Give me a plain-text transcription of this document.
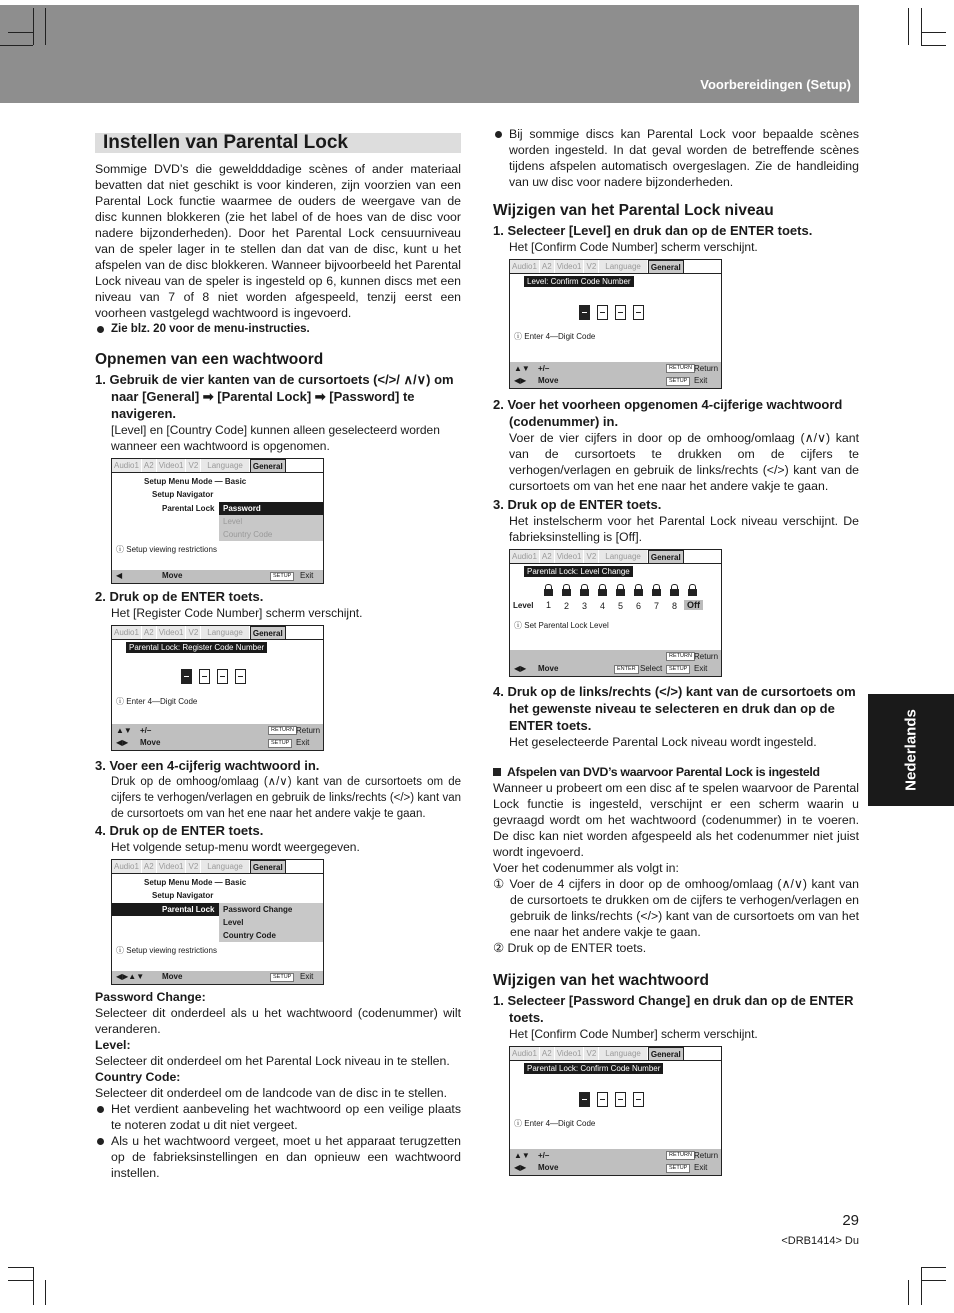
Voorbereidingen (Setup)
Nederlands
Instellen van Parental Lock

Sommige DVD’s die geweldddadige scènes of ander materiaal bevatten dat niet geschikt is voor kinderen, zijn voorzien van een Parental Lock functie waarmee de ouders de weergave van de disc kunnen blokkeren (zie het label of de hoes van de disc voor nadere bijzonderheden). Door het Parental Lock censuurniveau van de speler lager in te stellen dan dat van de disc, kunt u het afspelen van de disc blokkeren. Wanneer bijvoorbeeld het Parental Lock niveau van de speler is ingesteld op 6, kunnen discs met een niveau van 7 of 8 niet worden afgespeeld, tenzij eerst een voorheen vastgelegd wachtwoord is ingevoerd.

Zie blz. 20 voor de menu-instructies.

Opnemen van een wachtwoord

1. Gebruik de vier kanten van de cursortoets (</>/ ∧/∨) om naar [General] ➡ [Parental Lock] ➡ [Password] te navigeren.

[Level] en [Country Code] kunnen alleen geselecteerd worden wanneer een wachtwoord is opgenomen.

Audio1 A2 Video1 V2	Language	General
Setup Menu Mode — Basic
Setup Navigator
Parental Lock Password
Level
Country Code
ⓘ Setup viewing restrictions
◀	Move	SETUP	Exit

2. Druk op de ENTER toets.

Het [Register Code Number] scherm verschijnt.

Audio1 A2 Video1 V2	Language	General
Parental Lock: Register Code Number
ⓘ Enter 4—Digit Code
▲▼ +/–
◀▶ Move
RETURN Return
SETUP Exit

3. Voer een 4-cijferig wachtwoord in.

Druk op de omhoog/omlaag (∧/∨) kant van de cursortoets om de cijfers te verhogen/verlagen en gebruik de links/rechts (</>) kant van de cursortoets om van het ene naar het andere vakje te gaan.

4. Druk op de ENTER toets.

Het volgende setup-menu wordt weergegeven.

Audio1 A2 Video1 V2	Language	General
Setup Menu Mode — Basic
Setup Navigator
Parental Lock Password Change
Level
Country Code
ⓘ Setup viewing restrictions
◀▶▲▼ Move	SETUP	Exit

Password Change:

Selecteer dit onderdeel als u het wachtwoord (codenummer) wilt veranderen.

Level:

Selecteer dit onderdeel om het Parental Lock niveau in te stellen.

Country Code:

Selecteer dit onderdeel om de landcode van de disc in te stellen.

Het verdient aanbeveling het wachtwoord op een veilige plaats te noteren zodat u dit niet vergeet.

Als u het wachtwoord vergeet, moet u het apparaat terugzetten op de fabrieksinstellingen en dan opnieuw een wachtwoord instellen.

Bij sommige discs kan Parental Lock voor bepaalde scènes worden ingesteld. In dat geval worden de betreffende scènes tijdens afspelen automatisch overgeslagen. Zie de handleiding van uw disc voor nadere bijzonderheden.

Wijzigen van het Parental Lock niveau

1. Selecteer [Level] en druk dan op de ENTER toets.

Het [Confirm Code Number] scherm verschijnt.

Audio1 A2 Video1 V2	Language	General
Level: Confirm Code Number
ⓘ Enter 4—Digit Code
▲▼ +/–
◀▶ Move
RETURN Return
SETUP Exit

2. Voer het voorheen opgenomen 4-cijferige wachtwoord (codenummer) in.

Voer de vier cijfers in door op de omhoog/omlaag (∧/∨) kant van de cursortoets te drukken om de cijfers te verhogen/verlagen en gebruik de links/rechts (</>) kant van de cursortoets om van het ene naar het andere vakje te gaan.

3. Druk op de ENTER toets.

Het instelscherm voor het Parental Lock niveau verschijnt. De fabrieksinstelling is [Off].

Audio1 A2 Video1 V2	Language	General
Parental Lock: Level Change
Level 1 2 3 4 5 6 7 8	Off
ⓘ Set Parental Lock Level
◀▶ Move	ENTER Select
RETURN Return
SETUP Exit

4. Druk op de links/rechts (</>) kant van de cursortoets om het gewenste niveau te selecteren en druk dan op de ENTER toets.

Het geselecteerde Parental Lock niveau wordt ingesteld.

Afspelen van DVD’s waarvoor Parental Lock is ingesteld

Wanneer u probeert om een disc af te spelen waarvoor de Parental Lock functie is ingesteld, verschijnt er een scherm waarin u gevraagd wordt om het wachtwoord (codenummer) in te voeren. De disc kan niet worden afgespeeld als het codenummer niet juist wordt ingevoerd.

Voer het codenummer als volgt in:

① Voer de 4 cijfers in door op de omhoog/omlaag (∧/∨) kant van de cursortoets te drukken om de cijfers te verhogen/verlagen en gebruik de links/rechts (</>) kant van de cursortoets om van het ene naar het andere vakje te gaan.

② Druk op de ENTER toets.

Wijzigen van het wachtwoord

1. Selecteer [Password Change] en druk dan op de ENTER toets.

Het [Confirm Code Number] scherm verschijnt.

Audio1 A2 Video1 V2	Language	General
Parental Lock: Confirm Code Number
ⓘ Enter 4—Digit Code
▲▼ +/–
◀▶ Move
RETURN Return
SETUP Exit
29
<DRB1414> Du
